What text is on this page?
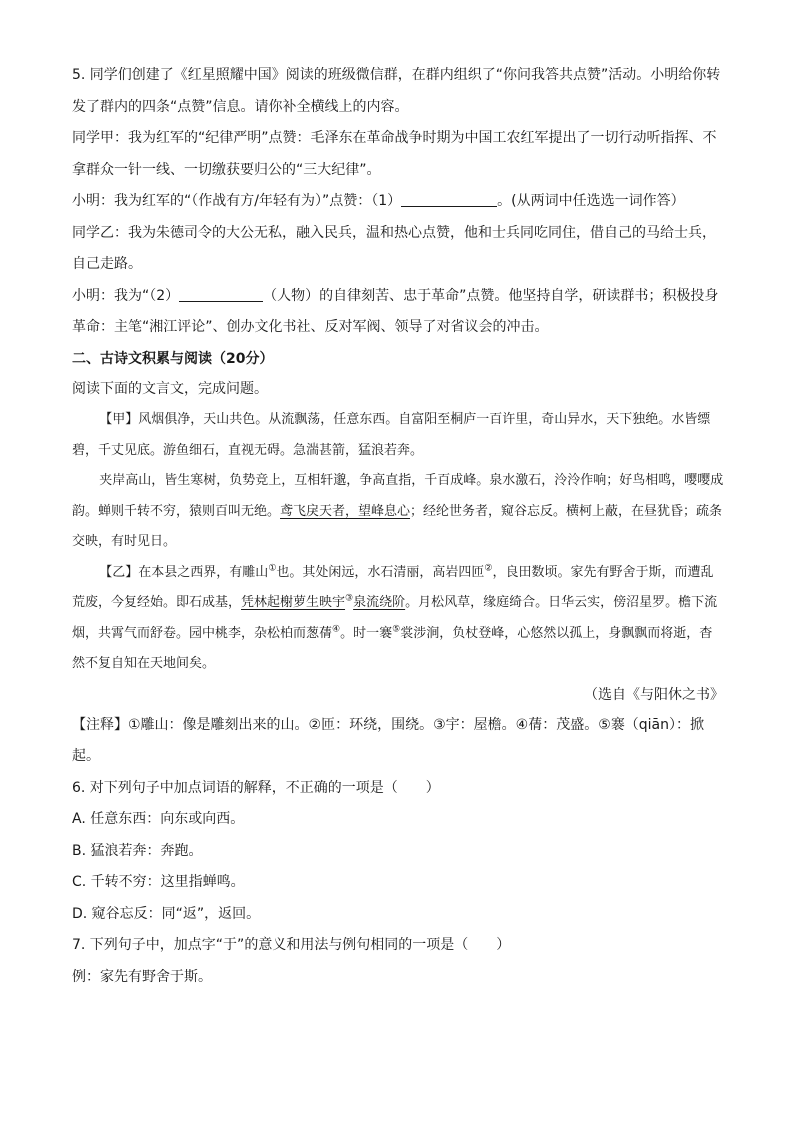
5. 同学们创建了《红星照耀中国》阅读的班级微信群，在群内组织了“你问我答共点赞”活动。小明给你转发了群内的四条“点赞”信息。请你补全横线上的内容。

同学甲：我为红军的“纪律严明”点赞：毛泽东在革命战争时期为中国工农红军提出了一切行动听指挥、不拿群众一针一线、一切缴获要归公的“三大纪律”。

小明：我为红军的“（作战有方/年轻有为）”点赞：（1）	。(从两词中任选选一词作答）

同学乙：我为朱德司令的大公无私，融入民兵，温和热心点赞，他和士兵同吃同住，借自己的马给士兵，自己走路。

小明：我为“（2）	（人物）的自律刻苦、忠于革命”点赞。他坚持自学，研读群书；积极投身革命：主笔“湘江评论”、创办文化书社、反对军阀、领导了对省议会的冲击。

二、古诗文积累与阅读（20分）

阅读下面的文言文，完成问题。

【甲】风烟俱净，天山共色。从流飘荡，任意东西。自富阳至桐庐一百许里，奇山异水，天下独绝。水皆缥碧，千丈见底。游鱼细石，直视无碍。急湍甚箭，猛浪若奔。

夹岸高山，皆生寒树，负势竞上，互相轩邈，争高直指，千百成峰。泉水激石，泠泠作响；好鸟相鸣，嘤嘤成韵。蝉则千转不穷，猿则百叫无绝。鸢飞戾天者，望峰息心；经纶世务者，窥谷忘反。横柯上蔽，在昼犹昏；疏条交映，有时见日。

【乙】在本县之西界，有雕山①也。其处闲远，水石清丽，高岩四匝②，良田数顷。家先有野舍于斯，而遭乱荒废，今复经始。即石成基，凭林起榭萝生映宇③泉流绕阶。月松风草，缘庭绮合。日华云实，傍沼星罗。檐下流烟，共霄气而舒卷。园中桃李，杂松柏而葱蒨④。时一褰⑤裳涉涧，负杖登峰，心悠然以孤上，身飘飘而将逝，杳然不复自知在天地间矣。

（选自《与阳休之书》

【注释】①雕山：像是雕刻出来的山。②匝：环绕，围绕。③宇：屋檐。④蒨：茂盛。⑤褰（qiān）：掀起。

6. 对下列句子中加点词语的解释，不正确的一项是（　　）

A. 任意东西：向东或向西。

B. 猛浪若奔：奔跑。

C. 千转不穷：这里指蝉鸣。

D. 窥谷忘反：同“返”，返回。

7. 下列句子中，加点字“于”的意义和用法与例句相同的一项是（　　）

例：家先有野舍于斯。
